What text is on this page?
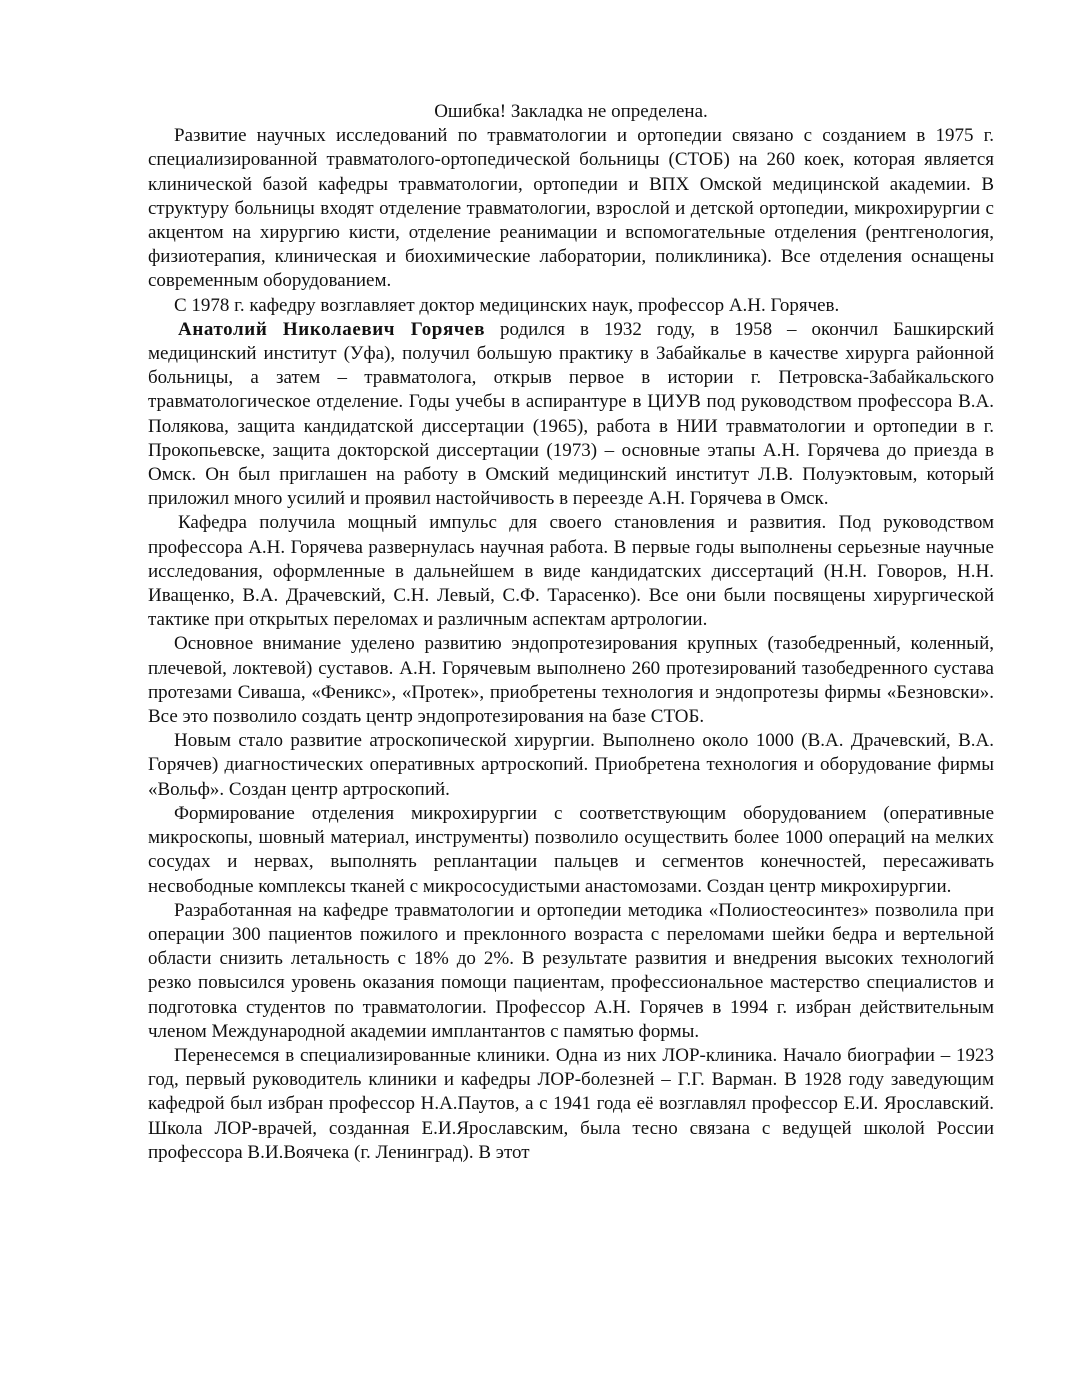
Ошибка! Закладка не определена.

Развитие научных исследований по травматологии и ортопедии связано с созданием в 1975 г. специализированной травматолого-ортопедической больницы (СТОБ) на 260 коек, которая является клинической базой кафедры травматологии, ортопедии и ВПХ Омской медицинской академии. В структуру больницы входят отделение травматологии, взрослой и детской ортопедии, микрохирургии с акцентом на хирургию кисти, отделение реанимации и вспомогательные отделения (рентгенология, физиотерапия, клиническая и биохимические лаборатории, поликлиника). Все отделения оснащены современным оборудованием.

С 1978 г. кафедру возглавляет доктор медицинских наук, профессор А.Н. Горячев.

Анатолий Николаевич Горячев родился в 1932 году, в 1958 – окончил Башкирский медицинский институт (Уфа), получил большую практику в Забайкалье в качестве хирурга районной больницы, а затем – травматолога, открыв первое в истории г. Петровска-Забайкальского травматологическое отделение. Годы учебы в аспирантуре в ЦИУВ под руководством профессора В.А. Полякова, защита кандидатской диссертации (1965), работа в НИИ травматологии и ортопедии в г. Прокопьевске, защита докторской диссертации (1973) – основные этапы А.Н. Горячева до приезда в Омск. Он был приглашен на работу в Омский медицинский институт Л.В. Полуэктовым, который приложил много усилий и проявил настойчивость в переезде А.Н. Горячева в Омск.

Кафедра получила мощный импульс для своего становления и развития. Под руководством профессора А.Н. Горячева развернулась научная работа. В первые годы выполнены серьезные научные исследования, оформленные в дальнейшем в виде кандидатских диссертаций (Н.Н. Говоров, Н.Н. Иващенко, В.А. Драчевский, С.Н. Левый, С.Ф. Тарасенко). Все они были посвящены хирургической тактике при открытых переломах и различным аспектам артрологии.

Основное внимание уделено развитию эндопротезирования крупных (тазобедренный, коленный, плечевой, локтевой) суставов. А.Н. Горячевым выполнено 260 протезирований тазобедренного сустава протезами Сиваша, «Феникс», «Протек», приобретены технология и эндопротезы фирмы «Безновски». Все это позволило создать центр эндопротезирования на базе СТОБ.

Новым стало развитие атроскопической хирургии. Выполнено около 1000 (В.А. Драчевский, В.А. Горячев) диагностических оперативных артроскопий. Приобретена технология и оборудование фирмы «Вольф». Создан центр артроскопий.

Формирование отделения микрохирургии с соответствующим оборудованием (оперативные микроскопы, шовный материал, инструменты) позволило осуществить более 1000 операций на мелких сосудах и нервах, выполнять реплантации пальцев и сегментов конечностей, пересаживать несвободные комплексы тканей с микрососудистыми анастомозами. Создан центр микрохирургии.

Разработанная на кафедре травматологии и ортопедии методика «Полиостеосинтез» позволила при операции 300 пациентов пожилого и преклонного возраста с переломами шейки бедра и вертельной области снизить летальность с 18% до 2%. В результате развития и внедрения высоких технологий резко повысился уровень оказания помощи пациентам, профессиональное мастерство специалистов и подготовка студентов по травматологии. Профессор А.Н. Горячев в 1994 г. избран действительным членом Международной академии имплантантов с памятью формы.

Перенесемся в специализированные клиники. Одна из них ЛОР-клиника. Начало биографии – 1923 год, первый руководитель клиники и кафедры ЛОР-болезней – Г.Г. Варман. В 1928 году заведующим кафедрой был избран профессор Н.А.Паутов, а с 1941 года её возглавлял профессор Е.И. Ярославский. Школа ЛОР-врачей, созданная Е.И.Ярославским, была тесно связана с ведущей школой России профессора В.И.Воячека (г. Ленинград). В этот
